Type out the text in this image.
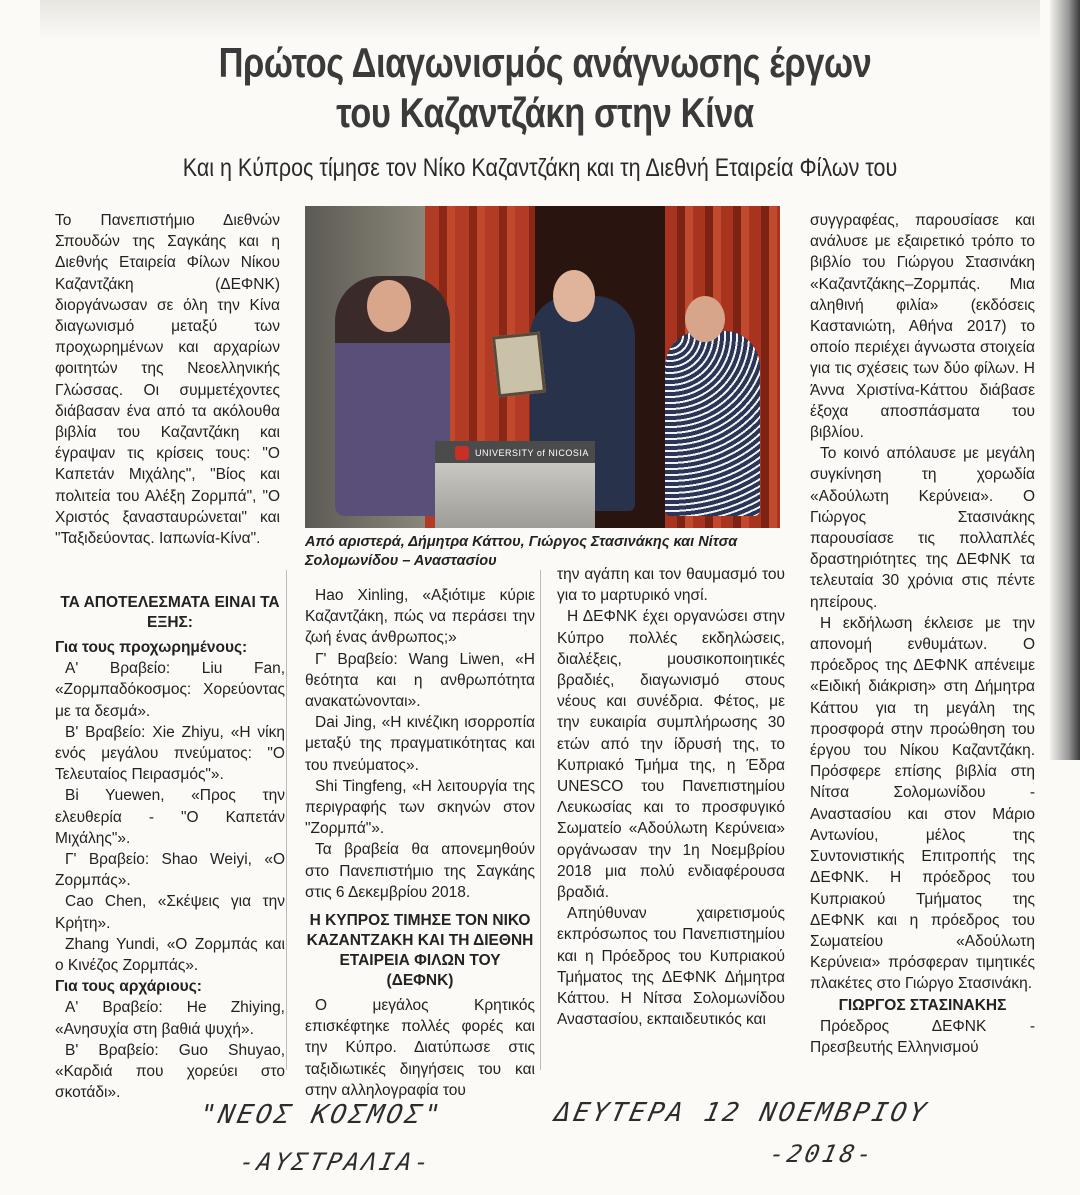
Πρώτος Διαγωνισμός ανάγνωσης έργων
του Καζαντζάκη στην Κίνα
Και η Κύπρος τίμησε τον Νίκο Καζαντζάκη και τη Διεθνή Εταιρεία Φίλων του

Το Πανεπιστήμιο Διεθνών Σπουδών της Σαγκάης και η Διεθνής Εταιρεία Φίλων Νίκου Καζαντζάκη (ΔΕΦΝΚ) διοργάνωσαν σε όλη την Κίνα διαγωνισμό μεταξύ των προχωρημένων και αρχαρίων φοιτητών της Νεοελληνικής Γλώσσας. Οι συμμετέχοντες διάβασαν ένα από τα ακόλουθα βιβλία του Καζαντζάκη και έγραψαν τις κρίσεις τους: "Ο Καπετάν Μιχάλης", "Βίος και πολιτεία του Αλέξη Ζορμπά", "Ο Χριστός ξανασταυρώνεται" και "Ταξιδεύοντας. Ιαπωνία-Κίνα".

ΤΑ ΑΠΟΤΕΛΕΣΜΑΤΑ ΕΙΝΑΙ ΤΑ ΕΞΗΣ:

Για τους προχωρημένους:

Α' Βραβείο: Liu Fan, «Ζορμπαδόκοσμος: Χορεύοντας με τα δεσμά».

Β' Βραβείο: Xie Zhiyu, «Η νίκη ενός μεγάλου πνεύματος: "Ο Τελευταίος Πειρασμός"».

Bi Yuewen, «Προς την ελευθερία - "Ο Καπετάν Μιχάλης"».

Γ' Βραβείο: Shao Weiyi, «Ο Ζορμπάς».

Cao Chen, «Σκέψεις για την Κρήτη».

Zhang Yundi, «Ο Ζορμπάς και ο Κινέζος Ζορμπάς».

Για τους αρχάριους:

Α' Βραβείο: He Zhiying, «Ανησυχία στη βαθιά ψυχή».

Β' Βραβείο: Guo Shuyao, «Καρδιά που χορεύει στο σκοτάδι».

Hao Xinling, «Αξιότιμε κύριε Καζαντζάκη, πώς να περάσει την ζωή ένας άνθρωπος;»

Γ' Βραβείο: Wang Liwen, «Η θεότητα και η ανθρωπότητα ανακατώνονται».

Dai Jing, «Η κινέζικη ισορροπία μεταξύ της πραγματικότητας και του πνεύματος».

Shi Tingfeng, «Η λειτουργία της περιγραφής των σκηνών στον "Ζορμπά"».

Τα βραβεία θα απονεμηθούν στο Πανεπιστήμιο της Σαγκάης στις 6 Δεκεμβρίου 2018.

Η ΚΥΠΡΟΣ ΤΙΜΗΣΕ ΤΟΝ ΝΙΚΟ ΚΑΖΑΝΤΖΑΚΗ ΚΑΙ ΤΗ ΔΙΕΘΝΗ ΕΤΑΙΡΕΙΑ ΦΙΛΩΝ ΤΟΥ (ΔΕΦΝΚ)

Ο μεγάλος Κρητικός επισκέφτηκε πολλές φορές και την Κύπρο. Διατύπωσε στις ταξιδιωτικές διηγήσεις του και στην αλληλογραφία του

την αγάπη και τον θαυμασμό του για το μαρτυρικό νησί.

Η ΔΕΦΝΚ έχει οργανώσει στην Κύπρο πολλές εκδηλώσεις, διαλέξεις, μουσικοποιητικές βραδιές, διαγωνισμό στους νέους και συνέδρια. Φέτος, με την ευκαιρία συμπλήρωσης 30 ετών από την ίδρυσή της, το Κυπριακό Τμήμα της, η Έδρα UNESCO του Πανεπιστημίου Λευκωσίας και το προσφυγικό Σωματείο «Αδούλωτη Κερύνεια» οργάνωσαν την 1η Νοεμβρίου 2018 μια πολύ ενδιαφέρουσα βραδιά.

Απηύθυναν χαιρετισμούς εκπρόσωπος του Πανεπιστημίου και η Πρόεδρος του Κυπριακού Τμήματος της ΔΕΦΝΚ Δήμητρα Κάττου. Η Νίτσα Σολομωνίδου Αναστασίου, εκπαιδευτικός και

συγγραφέας, παρουσίασε και ανάλυσε με εξαιρετικό τρόπο το βιβλίο του Γιώργου Στασινάκη «Καζαντζάκης–Ζορμπάς. Μια αληθινή φιλία» (εκδόσεις Καστανιώτη, Αθήνα 2017) το οποίο περιέχει άγνωστα στοιχεία για τις σχέσεις των δύο φίλων. Η Άννα Χριστίνα-Κάττου διάβασε έξοχα αποσπάσματα του βιβλίου.

Το κοινό απόλαυσε με μεγάλη συγκίνηση τη χορωδία «Αδούλωτη Κερύνεια». Ο Γιώργος Στασινάκης παρουσίασε τις πολλαπλές δραστηριότητες της ΔΕΦΝΚ τα τελευταία 30 χρόνια στις πέντε ηπείρους.

Η εκδήλωση έκλεισε με την απονομή ενθυμάτων. Ο πρόεδρος της ΔΕΦΝΚ απένειμε «Ειδική διάκριση» στη Δήμητρα Κάττου για τη μεγάλη της προσφορά στην προώθηση του έργου του Νίκου Καζαντζάκη. Πρόσφερε επίσης βιβλία στη Νίτσα Σολομωνίδου - Αναστασίου και στον Μάριο Αντωνίου, μέλος της Συντονιστικής Επιτροπής της ΔΕΦΝΚ. Η πρόεδρος του Κυπριακού Τμήματος της ΔΕΦΝΚ και η πρόεδρος του Σωματείου «Αδούλωτη Κερύνεια» πρόσφεραν τιμητικές πλακέτες στο Γιώργο Στασινάκη.

ΓΙΩΡΓΟΣ ΣΤΑΣΙΝΑΚΗΣ

Πρόεδρος ΔΕΦΝΚ - Πρεσβευτής Ελληνισμού

UNIVERSITY of NICOSIA
Από αριστερά, Δήμητρα Κάττου, Γιώργος Στασινάκης και Νίτσα Σολομωνίδου – Αναστασίου
"ΝΕΟΣ ΚΟΣΜΟΣ"	ΔΕΥΤΕΡΑ 12 ΝΟΕΜΒΡΙΟΥ
-ΑΥΣΤΡΑΛΙΑ-	-2018-
